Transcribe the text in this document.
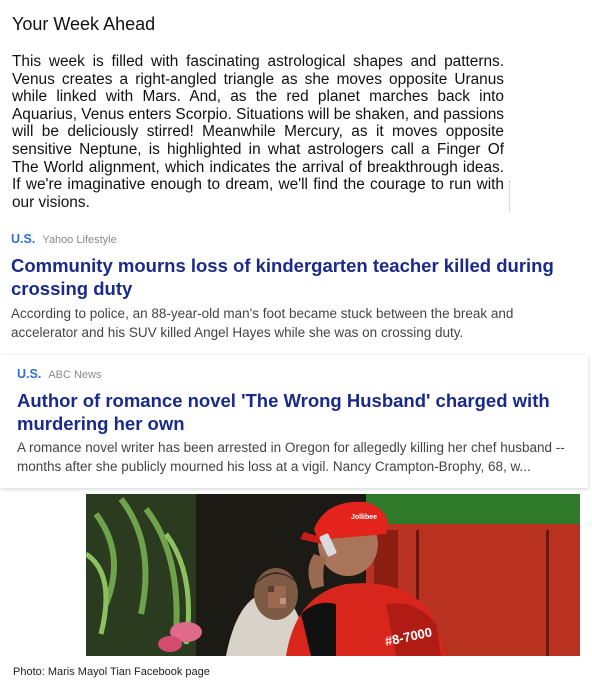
Your Week Ahead

This week is filled with fascinating astrological shapes and patterns. Venus creates a right-angled triangle as she moves opposite Uranus while linked with Mars. And, as the red planet marches back into Aquarius, Venus enters Scorpio. Situations will be shaken, and passions will be deliciously stirred! Meanwhile Mercury, as it moves opposite sensitive Neptune, is highlighted in what astrologers call a Finger Of The World alignment, which indicates the arrival of breakthrough ideas. If we're imaginative enough to dream, we'll find the courage to run with our visions.

U.S. Yahoo Lifestyle
Community mourns loss of kindergarten teacher killed during crossing duty

According to police, an 88-year-old man's foot became stuck between the break and accelerator and his SUV killed Angel Hayes while she was on crossing duty.

U.S. ABC News
Author of romance novel 'The Wrong Husband' charged with murdering her own

A romance novel writer has been arrested in Oregon for allegedly killing her chef husband -- months after she publicly mourned his loss at a vigil. Nancy Crampton-Brophy, 68, w...

Jollibee
#8-7000

Photo: Maris Mayol Tian Facebook page
